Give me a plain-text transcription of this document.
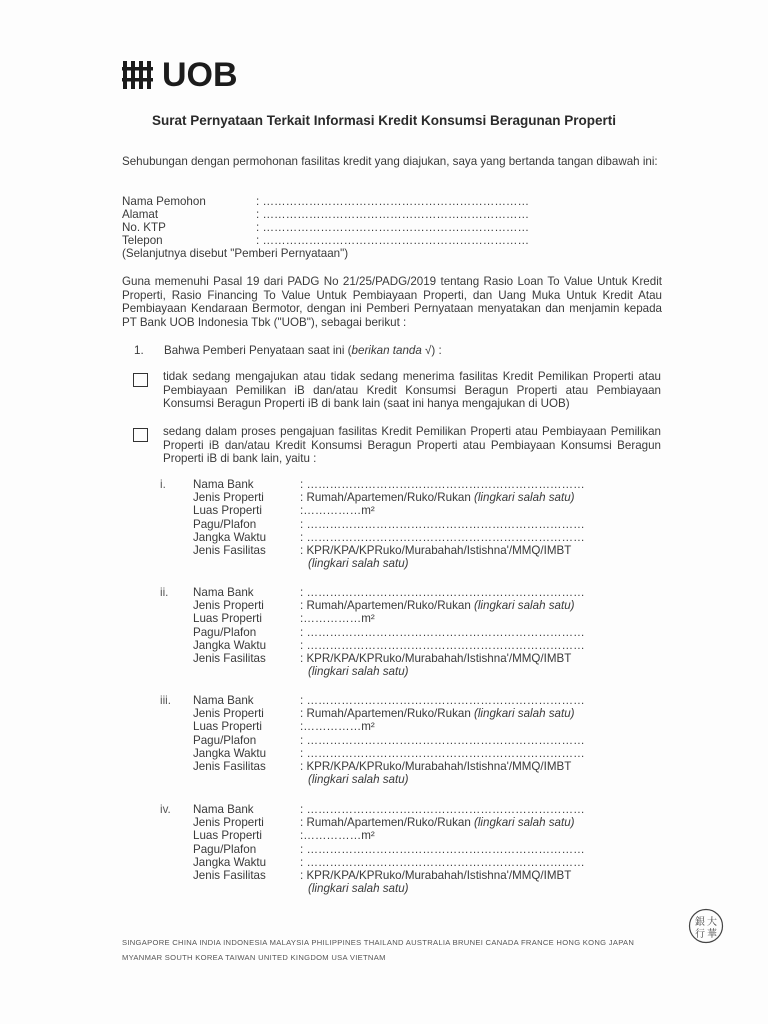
UOB
Surat Pernyataan Terkait Informasi Kredit Konsumsi Beragunan Properti
Sehubungan dengan permohonan fasilitas kredit yang diajukan, saya yang bertanda tangan dibawah ini:
Nama Pemohon	: ……………………………………………………………
Alamat	: ……………………………………………………………
No. KTP	: ……………………………………………………………
Telepon	: ……………………………………………………………
(Selanjutnya disebut "Pemberi Pernyataan")
Guna memenuhi Pasal 19 dari PADG No 21/25/PADG/2019 tentang Rasio Loan To Value Untuk Kredit Properti, Rasio Financing To Value Untuk Pembiayaan Properti, dan Uang Muka Untuk Kredit Atau Pembiayaan Kendaraan Bermotor, dengan ini Pemberi Pernyataan menyatakan dan menjamin kepada PT Bank UOB Indonesia Tbk ("UOB"), sebagai berikut :
1. Bahwa Pemberi Penyataan saat ini (berikan tanda √) :
tidak sedang mengajukan atau tidak sedang menerima fasilitas Kredit Pemilikan Properti atau Pembiayaan Pemilikan iB dan/atau Kredit Konsumsi Beragun Properti atau Pembiayaan Konsumsi Beragun Properti iB di bank lain (saat ini hanya mengajukan di UOB)
sedang dalam proses pengajuan fasilitas Kredit Pemilikan Properti atau Pembiayaan Pemilikan Properti iB dan/atau Kredit Konsumsi Beragun Properti atau Pembiayaan Konsumsi Beragun Properti iB di bank lain, yaitu :
i. Nama Bank	: ………………………………………………………………
Jenis Properti	: Rumah/Apartemen/Ruko/Rukan (lingkari salah satu)
Luas Properti	:……………m²
Pagu/Plafon	: ………………………………………………………………
Jangka Waktu	: ………………………………………………………………
Jenis Fasilitas	: KPR/KPA/KPRuko/Murabahah/Istishna'/MMQ/IMBT
(lingkari salah satu)
ii. Nama Bank	: ………………………………………………………………
Jenis Properti	: Rumah/Apartemen/Ruko/Rukan (lingkari salah satu)
Luas Properti	:……………m²
Pagu/Plafon	: ………………………………………………………………
Jangka Waktu	: ………………………………………………………………
Jenis Fasilitas	: KPR/KPA/KPRuko/Murabahah/Istishna'/MMQ/IMBT
(lingkari salah satu)
iii. Nama Bank	: ………………………………………………………………
Jenis Properti	: Rumah/Apartemen/Ruko/Rukan (lingkari salah satu)
Luas Properti	:……………m²
Pagu/Plafon	: ………………………………………………………………
Jangka Waktu	: ………………………………………………………………
Jenis Fasilitas	: KPR/KPA/KPRuko/Murabahah/Istishna'/MMQ/IMBT
(lingkari salah satu)
iv. Nama Bank	: ………………………………………………………………
Jenis Properti	: Rumah/Apartemen/Ruko/Rukan (lingkari salah satu)
Luas Properti	:……………m²
Pagu/Plafon	: ………………………………………………………………
Jangka Waktu	: ………………………………………………………………
Jenis Fasilitas	: KPR/KPA/KPRuko/Murabahah/Istishna'/MMQ/IMBT
(lingkari salah satu)
SINGAPORE CHINA INDIA INDONESIA MALAYSIA PHILIPPINES THAILAND AUSTRALIA BRUNEI CANADA FRANCE HONG KONG JAPAN
MYANMAR SOUTH KOREA TAIWAN UNITED KINGDOM USA VIETNAM
銀 大
行 華
